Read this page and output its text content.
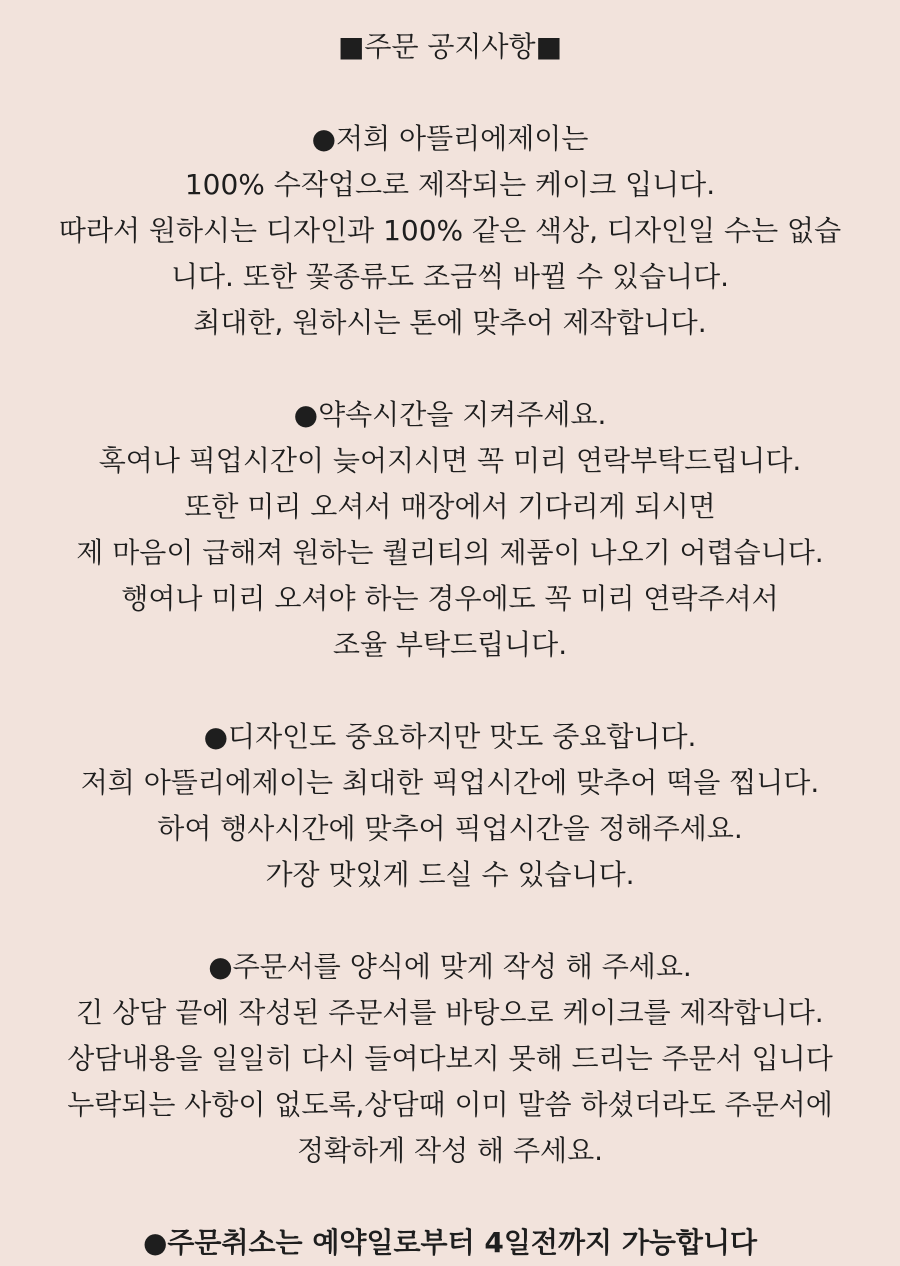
■주문 공지사항■

●저희 아뜰리에제이는

100% 수작업으로 제작되는 케이크 입니다.

따라서 원하시는 디자인과 100% 같은 색상, 디자인일 수는 없습

니다. 또한 꽃종류도 조금씩 바뀔 수 있습니다.

최대한, 원하시는 톤에 맞추어 제작합니다.

●약속시간을 지켜주세요.

혹여나 픽업시간이 늦어지시면 꼭 미리 연락부탁드립니다.

또한 미리 오셔서 매장에서 기다리게 되시면

제 마음이 급해져 원하는 퀄리티의 제품이 나오기 어렵습니다.

행여나 미리 오셔야 하는 경우에도 꼭 미리 연락주셔서

조율 부탁드립니다.

●디자인도 중요하지만 맛도 중요합니다.

저희 아뜰리에제이는 최대한 픽업시간에 맞추어 떡을 찝니다.

하여 행사시간에 맞추어 픽업시간을 정해주세요.

가장 맛있게 드실 수 있습니다.

●주문서를 양식에 맞게 작성 해 주세요.

긴 상담 끝에 작성된 주문서를 바탕으로 케이크를 제작합니다.

상담내용을 일일히 다시 들여다보지 못해 드리는 주문서 입니다

누락되는 사항이 없도록,상담때 이미 말씀 하셨더라도 주문서에

정확하게 작성 해 주세요.

●주문취소는 예약일로부터 4일전까지 가능합니다
